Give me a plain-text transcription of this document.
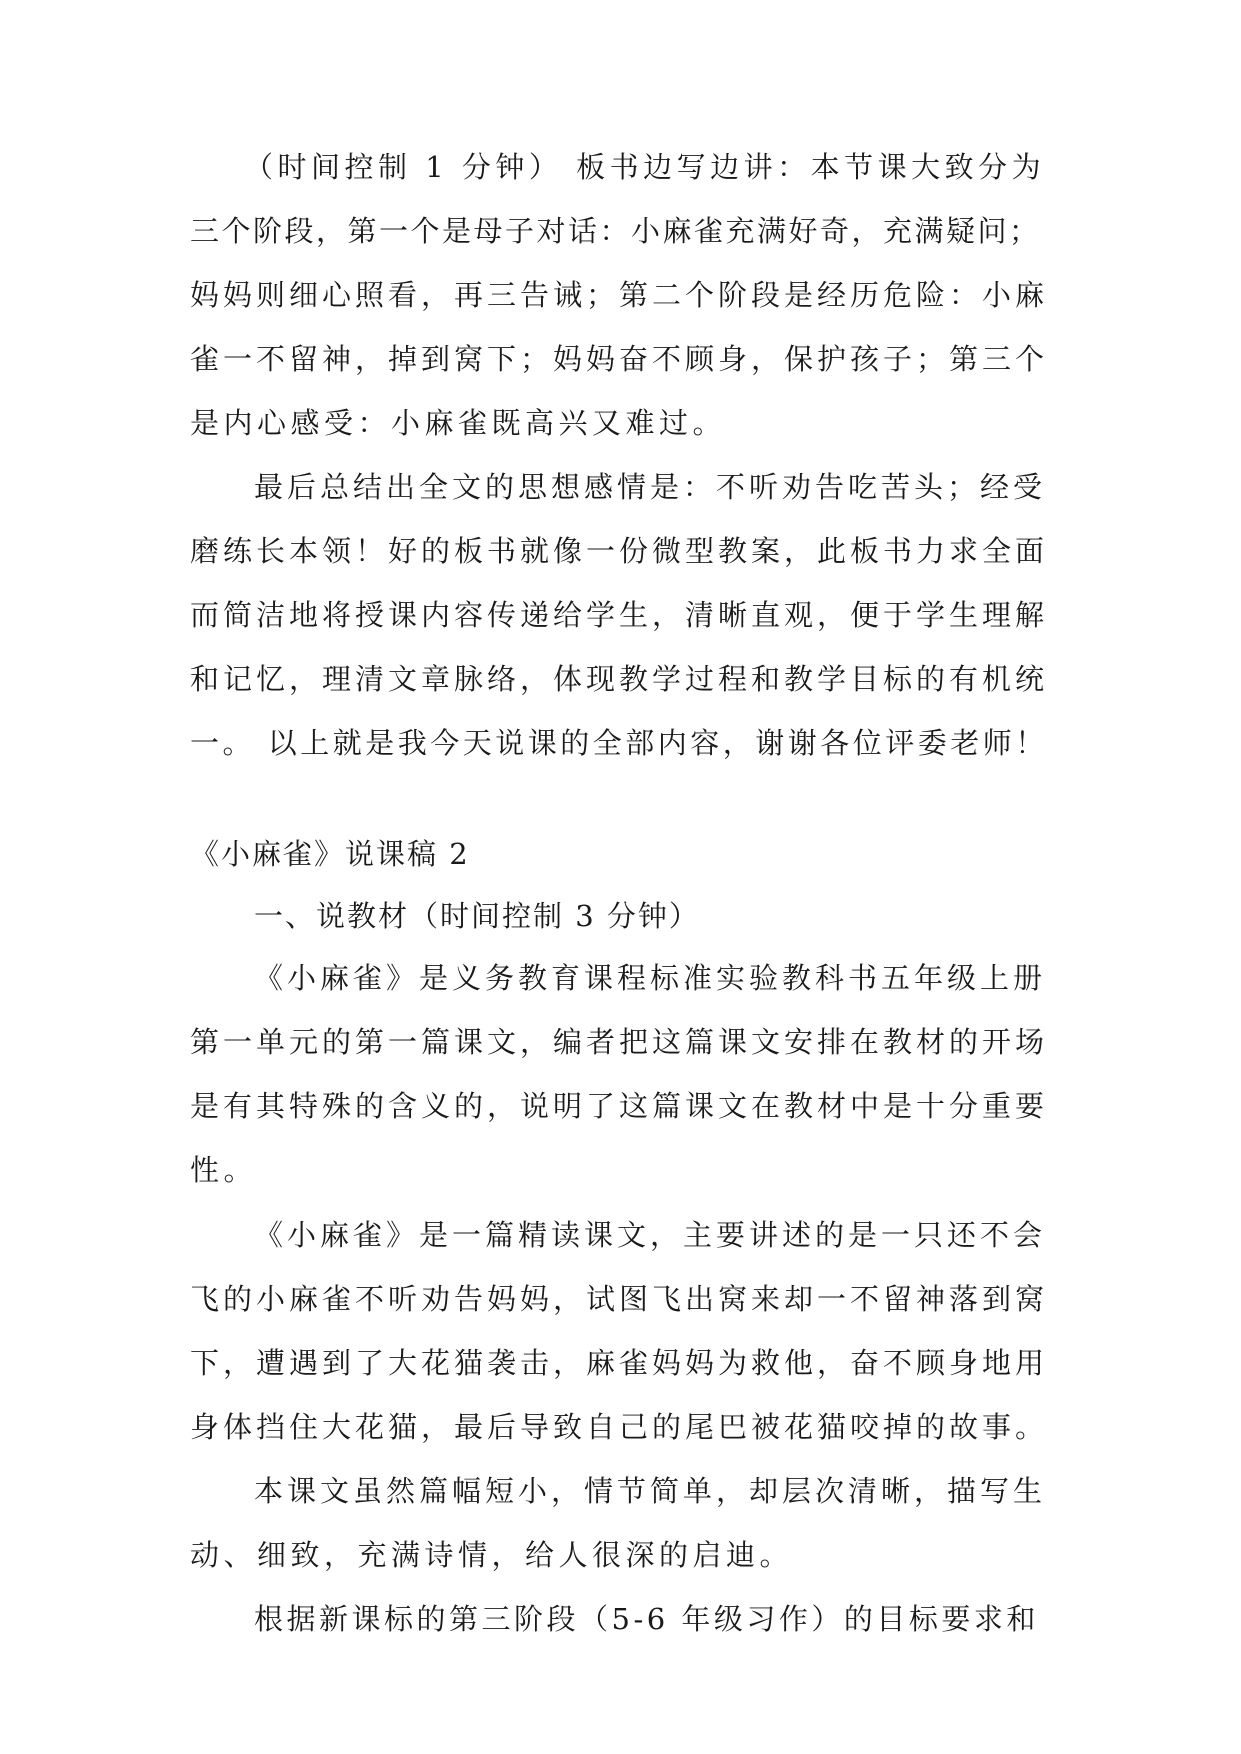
（时间控制 1 分钟） 板书边写边讲：本节课大致分为
三个阶段，第一个是母子对话：小麻雀充满好奇，充满疑问；
妈妈则细心照看，再三告诫；第二个阶段是经历危险：小麻
雀一不留神，掉到窝下；妈妈奋不顾身，保护孩子；第三个
是内心感受：小麻雀既高兴又难过。
最后总结出全文的思想感情是：不听劝告吃苦头；经受
磨练长本领！好的板书就像一份微型教案，此板书力求全面
而简洁地将授课内容传递给学生，清晰直观，便于学生理解
和记忆，理清文章脉络，体现教学过程和教学目标的有机统
一。 以上就是我今天说课的全部内容，谢谢各位评委老师！

《小麻雀》说课稿 2

一、说教材（时间控制 3 分钟）

《小麻雀》是义务教育课程标准实验教科书五年级上册
第一单元的第一篇课文，编者把这篇课文安排在教材的开场
是有其特殊的含义的，说明了这篇课文在教材中是十分重要
性。
《小麻雀》是一篇精读课文，主要讲述的是一只还不会
飞的小麻雀不听劝告妈妈，试图飞出窝来却一不留神落到窝
下，遭遇到了大花猫袭击，麻雀妈妈为救他，奋不顾身地用
身体挡住大花猫，最后导致自己的尾巴被花猫咬掉的故事。
本课文虽然篇幅短小，情节简单，却层次清晰，描写生
动、细致，充满诗情，给人很深的启迪。
根据新课标的第三阶段（5-6 年级习作）的目标要求和
